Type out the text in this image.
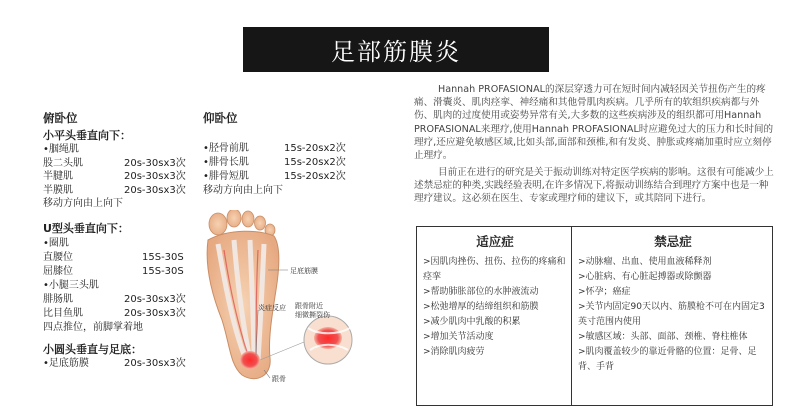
足部筋膜炎
俯卧位
小平头垂直向下：
•腘绳肌
股二头肌	20s-30sx3次
半腱肌	20s-30sx3次
半膜肌	20s-30sx3次
移动方向由上向下
U型头垂直向下：
•圈肌
直腰位	15S-30S
屈膝位	15S-30S
•小腿三头肌
腓肠肌	20s-30sx3次
比目鱼肌	20s-30sx3次
四点推位，前脚掌着地
小圆头垂直与足底：
•足底筋膜	20s-30sx3次
仰卧位
•胫骨前肌	15s-20sx2次
•腓骨长肌	15s-20sx2次
•腓骨短肌	15s-20sx2次
移动方向由上向下
足底筋膜
炎症反应 跟骨附近
细微撕裂伤
跟骨
Hannah PROFASIONAL的深层穿透力可在短时间内减轻因关节扭伤产生的疼痛、滑囊炎、肌肉痉挛、神经痛和其他骨肌肉疾病。几乎所有的软组织疾病都与外伤、肌肉的过度使用或姿势异常有关,大多数的这些疾病涉及的组织都可用Hannah PROFASIONAL来理疗,使用Hannah PROFASIONAL时应避免过大的压力和长时间的理疗,还应避免敏感区域,比如头部,面部和颈椎,和有发炎、肿胀或疼痛加重时应立刻停止理疗。
目前正在进行的研究是关于振动训练对特定医学疾病的影响。这很有可能减少上述禁忌症的种类,实践经验表明,在许多情况下,将振动训练结合到理疗方案中也是一种理疗建议。这必须在医生、专家或理疗师的建议下，或其陪同下进行。
适应症
>因肌肉挫伤、扭伤、拉伤的疼痛和痉挛
>帮助肺胀部位的水肿液流动
>松弛增厚的结缔组织和筋膜
>减少肌肉中乳酸的积累
>增加关节活动度
>消除肌肉疲劳

禁忌症
>动脉瘤、出血、使用血液稀释剂
>心脏病、有心脏起搏器或除颤器
>怀孕；癌症
>关节内固定90天以内、筋膜枪不可在内固定3英寸范围内使用
>敏感区域：头部、面部、颈椎、脊柱椎体
>肌肉覆盖较少的靠近骨骼的位置：足骨、足背、手背
